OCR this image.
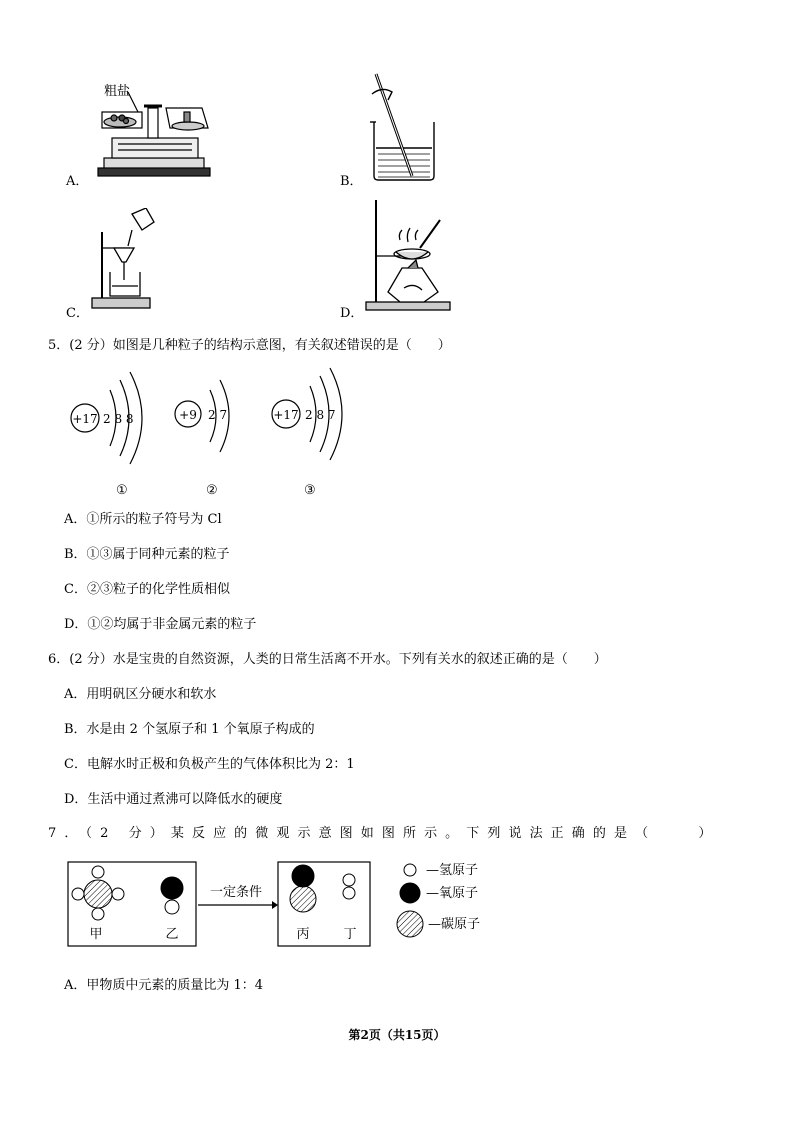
A．
粗盐
B．
C．	D．
5．(2 分）如图是几种粒子的结构示意图，有关叙述错误的是（　　）
+17 2 8 8
①
+9 2 7
②
+17 2 8 7
③
A．①所示的粒子符号为 Cl
B．①③属于同种元素的粒子
C．②③粒子的化学性质相似
D．①②均属于非金属元素的粒子
6．(2 分）水是宝贵的自然资源，人类的日常生活离不开水。下列有关水的叙述正确的是（　　）
A．用明矾区分硬水和软水
B．水是由 2 个氢原子和 1 个氧原子构成的
C．电解水时正极和负极产生的气体体积比为 2：1
D．生活中通过煮沸可以降低水的硬度
7．（2 分）某反应的微观示意图如图所示。下列说法正确的是（　　）
甲	乙
一定条件
丙	丁
—氢原子
—氧原子
—碳原子
A．甲物质中元素的质量比为 1：4
第2页（共15页）
